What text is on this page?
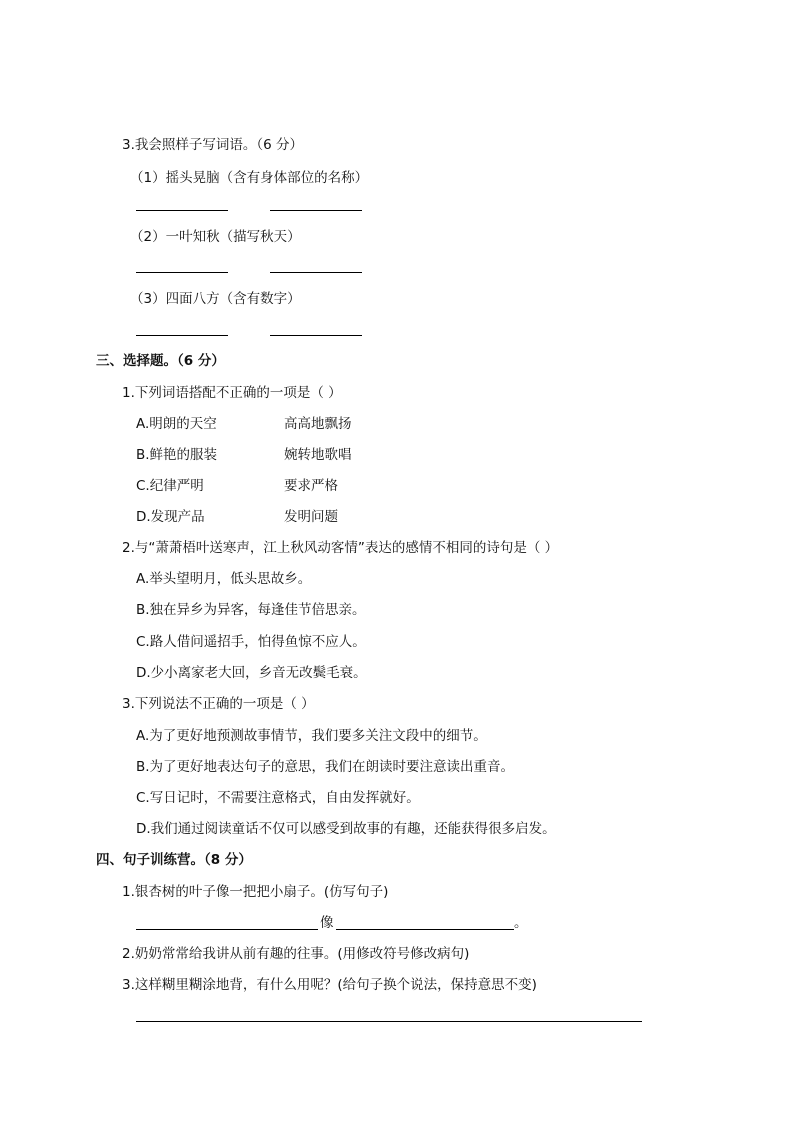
3.我会照样子写词语。（6 分）
（1）摇头晃脑（含有身体部位的名称）
（2）一叶知秋（描写秋天）
（3）四面八方（含有数字）
三、选择题。（6 分）
1.下列词语搭配不正确的一项是（ ）
A.明朗的天空	高高地飘扬
B.鲜艳的服装	婉转地歌唱
C.纪律严明	要求严格
D.发现产品	发明问题
2.与“萧萧梧叶送寒声，江上秋风动客情”表达的感情不相同的诗句是（ ）
A.举头望明月，低头思故乡。
B.独在异乡为异客，每逢佳节倍思亲。
C.路人借问遥招手，怕得鱼惊不应人。
D.少小离家老大回，乡音无改鬓毛衰。
3.下列说法不正确的一项是（ ）
A.为了更好地预测故事情节，我们要多关注文段中的细节。
B.为了更好地表达句子的意思，我们在朗读时要注意读出重音。
C.写日记时，不需要注意格式，自由发挥就好。
D.我们通过阅读童话不仅可以感受到故事的有趣，还能获得很多启发。
四、句子训练营。（8 分）
1.银杏树的叶子像一把把小扇子。(仿写句子)
像	。
2.奶奶常常给我讲从前有趣的往事。(用修改符号修改病句)
3.这样糊里糊涂地背，有什么用呢？(给句子换个说法，保持意思不变)
